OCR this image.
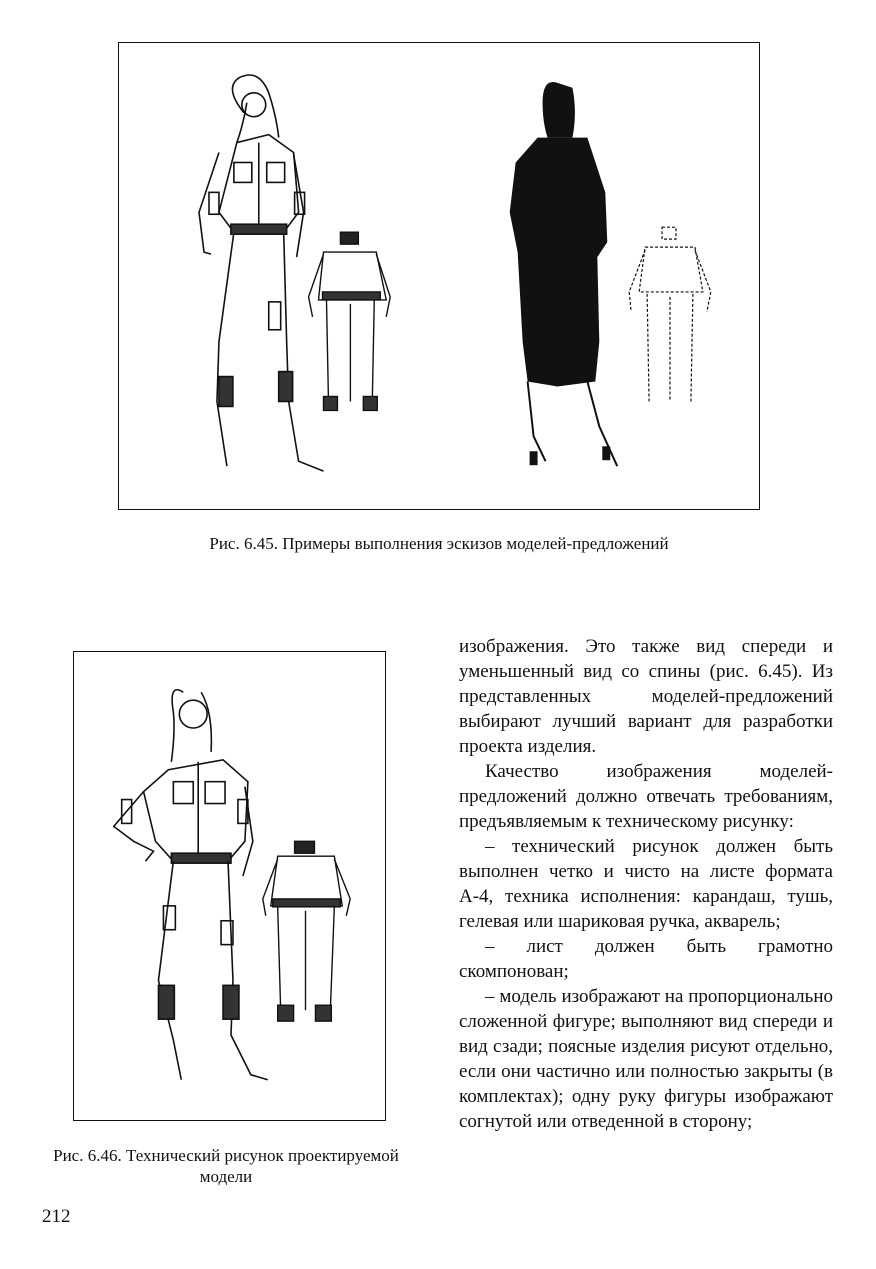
Рис. 6.45. Примеры выполнения эскизов моделей-предложений
Рис. 6.46. Технический рисунок проектируемой модели

изображения. Это также вид спереди и уменьшенный вид со спины (рис. 6.45). Из представленных моделей-предложений выбирают лучший вариант для разработки проекта изделия.

Качество изображения моделей-предложений должно отвечать требованиям, предъявляемым к техническому рисунку:

– технический рисунок должен быть выполнен четко и чисто на листе формата А-4, техника исполнения: карандаш, тушь, гелевая или шариковая ручка, акварель;

– лист должен быть грамотно скомпонован;

– модель изображают на пропорционально сложенной фигуре; выполняют вид спереди и вид сзади; поясные изделия рисуют отдельно, если они частично или полностью закрыты (в комплектах); одну руку фигуры изображают согнутой или отведенной в сторону;

212
